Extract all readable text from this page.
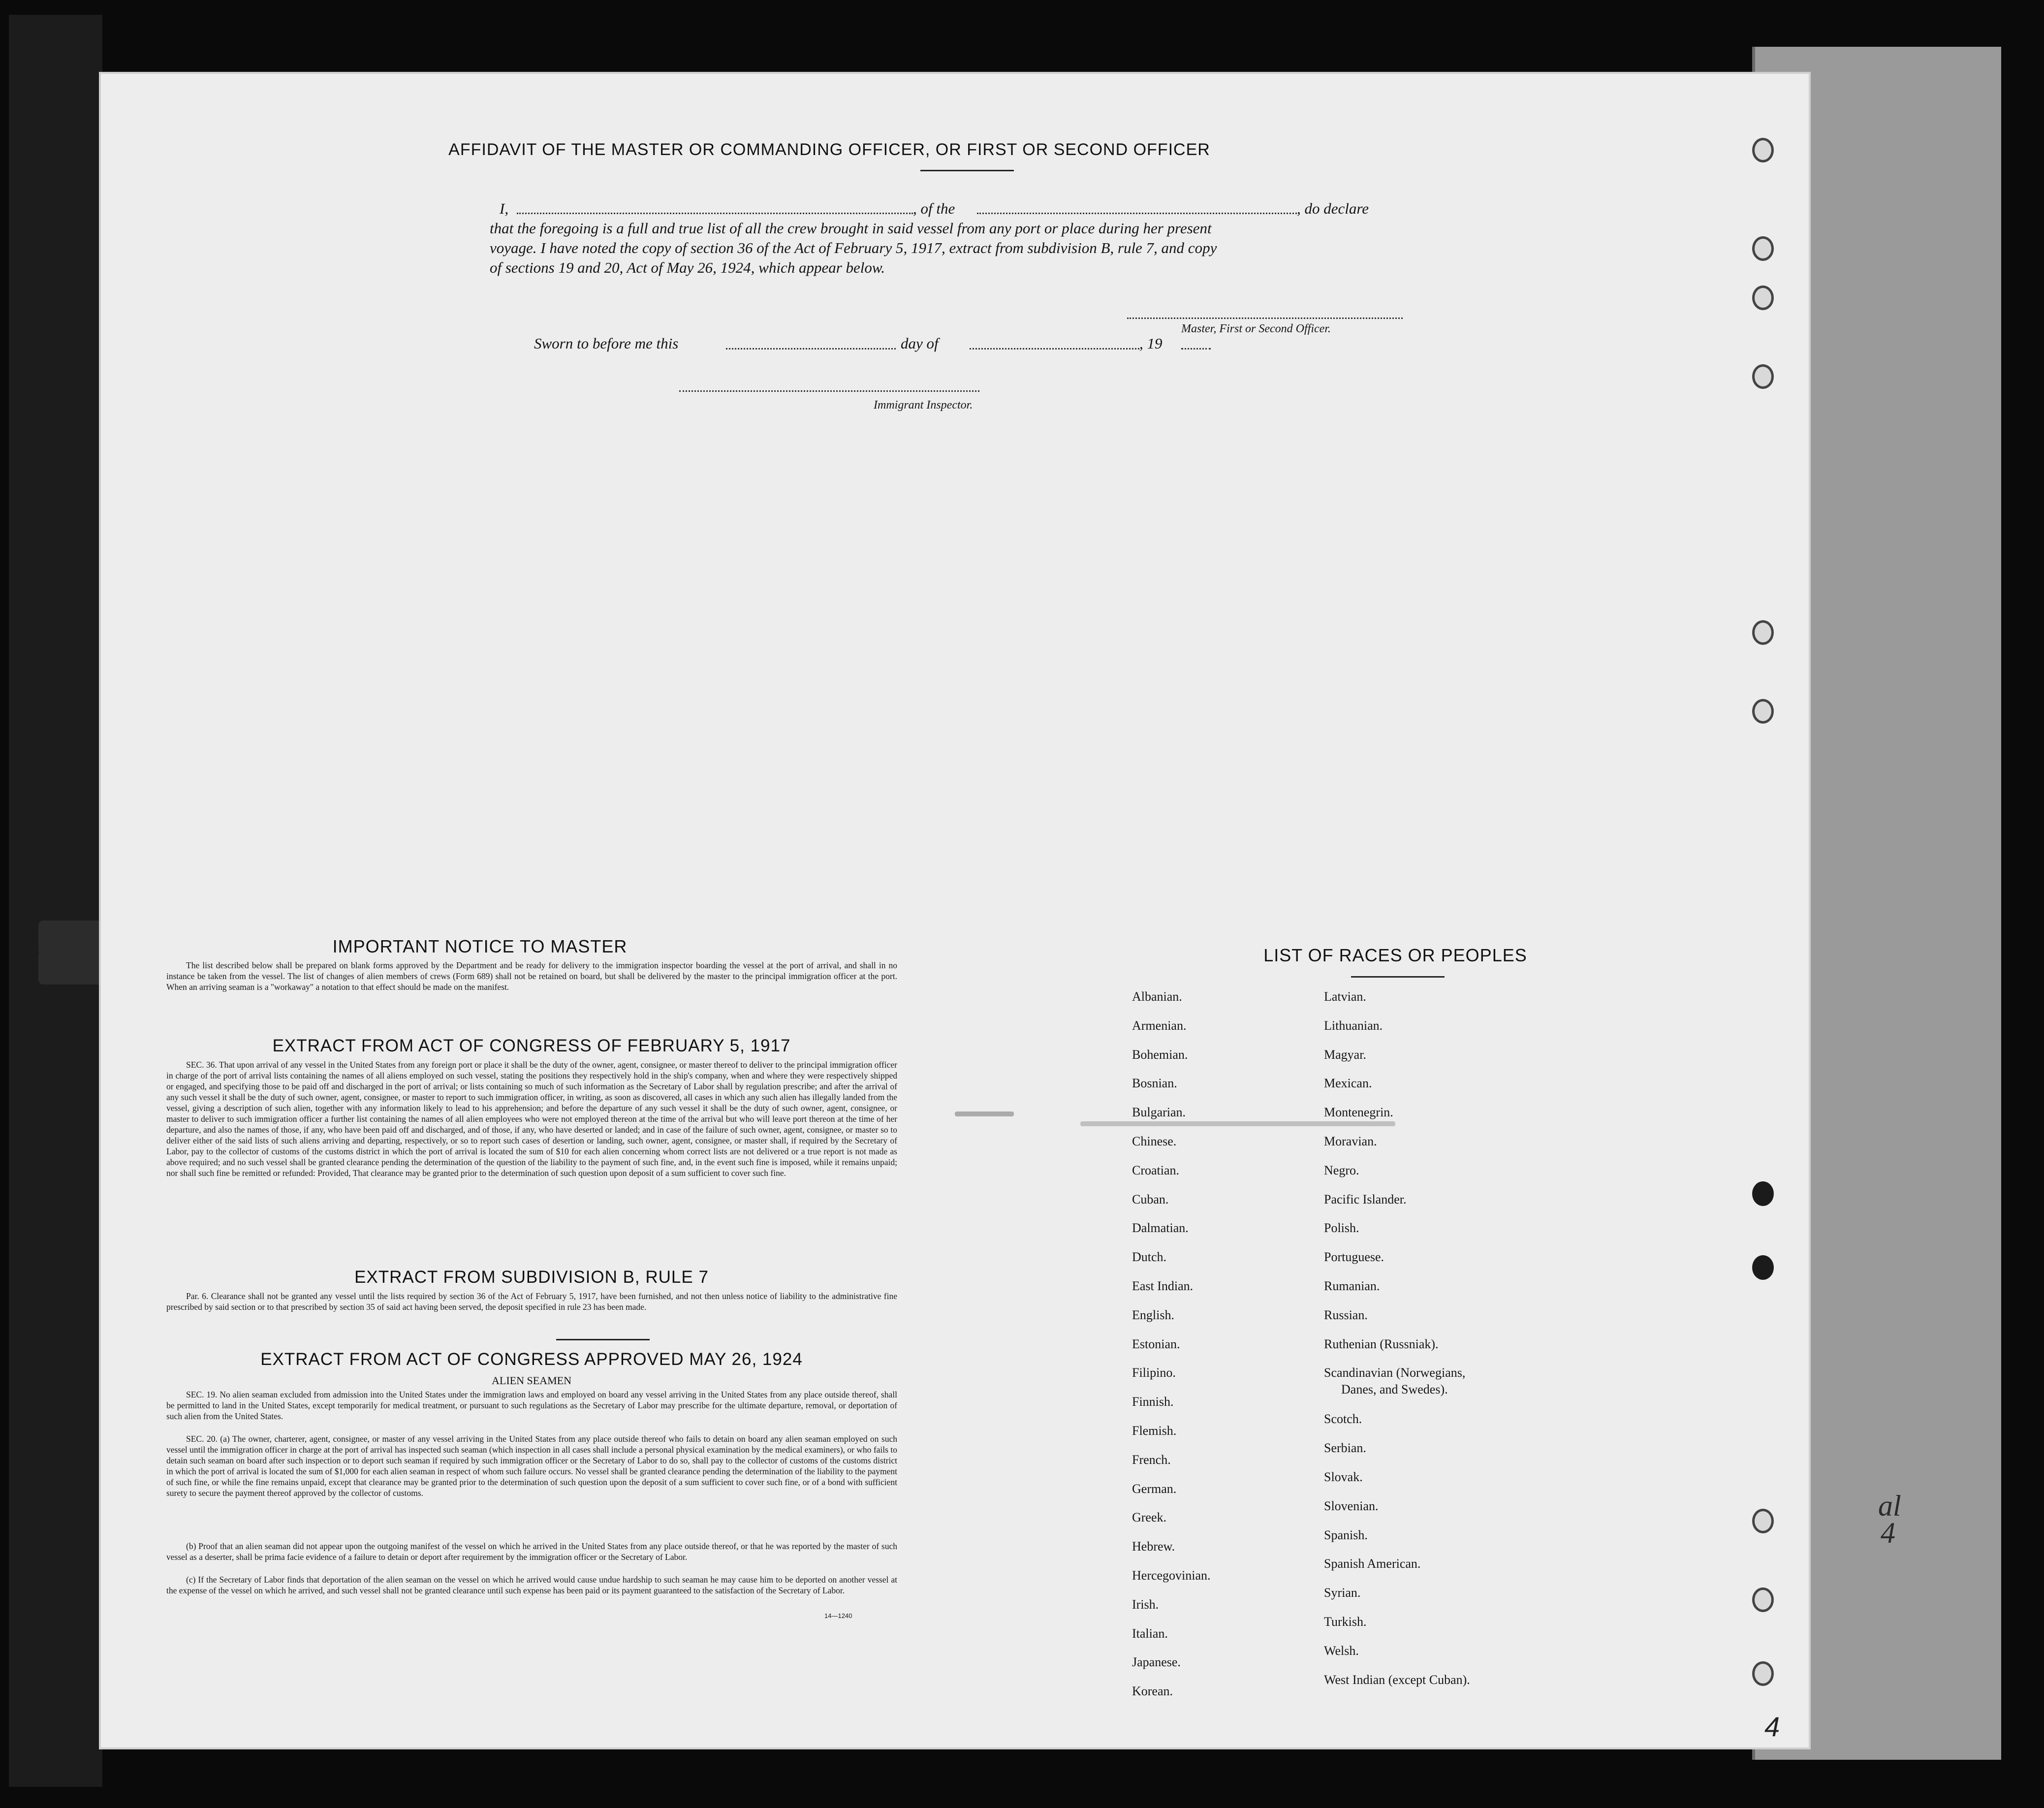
al
4
AFFIDAVIT OF THE MASTER OR COMMANDING OFFICER, OR FIRST OR SECOND OFFICER
I,	, of the	, do declare
that the foregoing is a full and true list of all the crew brought in said vessel from any port or place during her present
voyage. I have noted the copy of section 36 of the Act of February 5, 1917, extract from subdivision B, rule 7, and copy
of sections 19 and 20, Act of May 26, 1924, which appear below.
Master, First or Second Officer.
Sworn to before me this	day of	, 19
Immigrant Inspector.
IMPORTANT NOTICE TO MASTER
The list described below shall be prepared on blank forms approved by the Department and be ready for delivery to the immigration inspector boarding the vessel at the port of arrival, and shall in no instance be taken from the vessel. The list of changes of alien members of crews (Form 689) shall not be retained on board, but shall be delivered by the master to the principal immigration officer at the port. When an arriving seaman is a "workaway" a notation to that effect should be made on the manifest.
EXTRACT FROM ACT OF CONGRESS OF FEBRUARY 5, 1917
SEC. 36. That upon arrival of any vessel in the United States from any foreign port or place it shall be the duty of the owner, agent, consignee, or master thereof to deliver to the principal immigration officer in charge of the port of arrival lists containing the names of all aliens employed on such vessel, stating the positions they respectively hold in the ship's company, when and where they were respectively shipped or engaged, and specifying those to be paid off and discharged in the port of arrival; or lists containing so much of such information as the Secretary of Labor shall by regulation prescribe; and after the arrival of any such vessel it shall be the duty of such owner, agent, consignee, or master to report to such immigration officer, in writing, as soon as discovered, all cases in which any such alien has illegally landed from the vessel, giving a description of such alien, together with any information likely to lead to his apprehension; and before the departure of any such vessel it shall be the duty of such owner, agent, consignee, or master to deliver to such immigration officer a further list containing the names of all alien employees who were not employed thereon at the time of the arrival but who will leave port thereon at the time of her departure, and also the names of those, if any, who have been paid off and discharged, and of those, if any, who have deserted or landed; and in case of the failure of such owner, agent, consignee, or master so to deliver either of the said lists of such aliens arriving and departing, respectively, or so to report such cases of desertion or landing, such owner, agent, consignee, or master shall, if required by the Secretary of Labor, pay to the collector of customs of the customs district in which the port of arrival is located the sum of $10 for each alien concerning whom correct lists are not delivered or a true report is not made as above required; and no such vessel shall be granted clearance pending the determination of the question of the liability to the payment of such fine, and, in the event such fine is imposed, while it remains unpaid; nor shall such fine be remitted or refunded: Provided, That clearance may be granted prior to the determination of such question upon deposit of a sum sufficient to cover such fine.
EXTRACT FROM SUBDIVISION B, RULE 7
Par. 6. Clearance shall not be granted any vessel until the lists required by section 36 of the Act of February 5, 1917, have been furnished, and not then unless notice of liability to the administrative fine prescribed by said section or to that prescribed by section 35 of said act having been served, the deposit specified in rule 23 has been made.
EXTRACT FROM ACT OF CONGRESS APPROVED MAY 26, 1924
ALIEN SEAMEN
SEC. 19. No alien seaman excluded from admission into the United States under the immigration laws and employed on board any vessel arriving in the United States from any place outside thereof, shall be permitted to land in the United States, except temporarily for medical treatment, or pursuant to such regulations as the Secretary of Labor may prescribe for the ultimate departure, removal, or deportation of such alien from the United States.
SEC. 20. (a) The owner, charterer, agent, consignee, or master of any vessel arriving in the United States from any place outside thereof who fails to detain on board any alien seaman employed on such vessel until the immigration officer in charge at the port of arrival has inspected such seaman (which inspection in all cases shall include a personal physical examination by the medical examiners), or who fails to detain such seaman on board after such inspection or to deport such seaman if required by such immigration officer or the Secretary of Labor to do so, shall pay to the collector of customs of the customs district in which the port of arrival is located the sum of $1,000 for each alien seaman in respect of whom such failure occurs. No vessel shall be granted clearance pending the determination of the liability to the payment of such fine, or while the fine remains unpaid, except that clearance may be granted prior to the determination of such question upon the deposit of a sum sufficient to cover such fine, or of a bond with sufficient surety to secure the payment thereof approved by the collector of customs.
(b) Proof that an alien seaman did not appear upon the outgoing manifest of the vessel on which he arrived in the United States from any place outside thereof, or that he was reported by the master of such vessel as a deserter, shall be prima facie evidence of a failure to detain or deport after requirement by the immigration officer or the Secretary of Labor.
(c) If the Secretary of Labor finds that deportation of the alien seaman on the vessel on which he arrived would cause undue hardship to such seaman he may cause him to be deported on another vessel at the expense of the vessel on which he arrived, and such vessel shall not be granted clearance until such expense has been paid or its payment guaranteed to the satisfaction of the Secretary of Labor.
14—1240
LIST OF RACES OR PEOPLES
Albanian.
Armenian.
Bohemian.
Bosnian.
Bulgarian.
Chinese.
Croatian.
Cuban.
Dalmatian.
Dutch.
East Indian.
English.
Estonian.
Filipino.
Finnish.
Flemish.
French.
German.
Greek.
Hebrew.
Hercegovinian.
Irish.
Italian.
Japanese.
Korean.
Latvian.
Lithuanian.
Magyar.
Mexican.
Montenegrin.
Moravian.
Negro.
Pacific Islander.
Polish.
Portuguese.
Rumanian.
Russian.
Ruthenian (Russniak).
Scandinavian (Norwegians,
Danes, and Swedes).
Scotch.
Serbian.
Slovak.
Slovenian.
Spanish.
Spanish American.
Syrian.
Turkish.
Welsh.
West Indian (except Cuban).
4
